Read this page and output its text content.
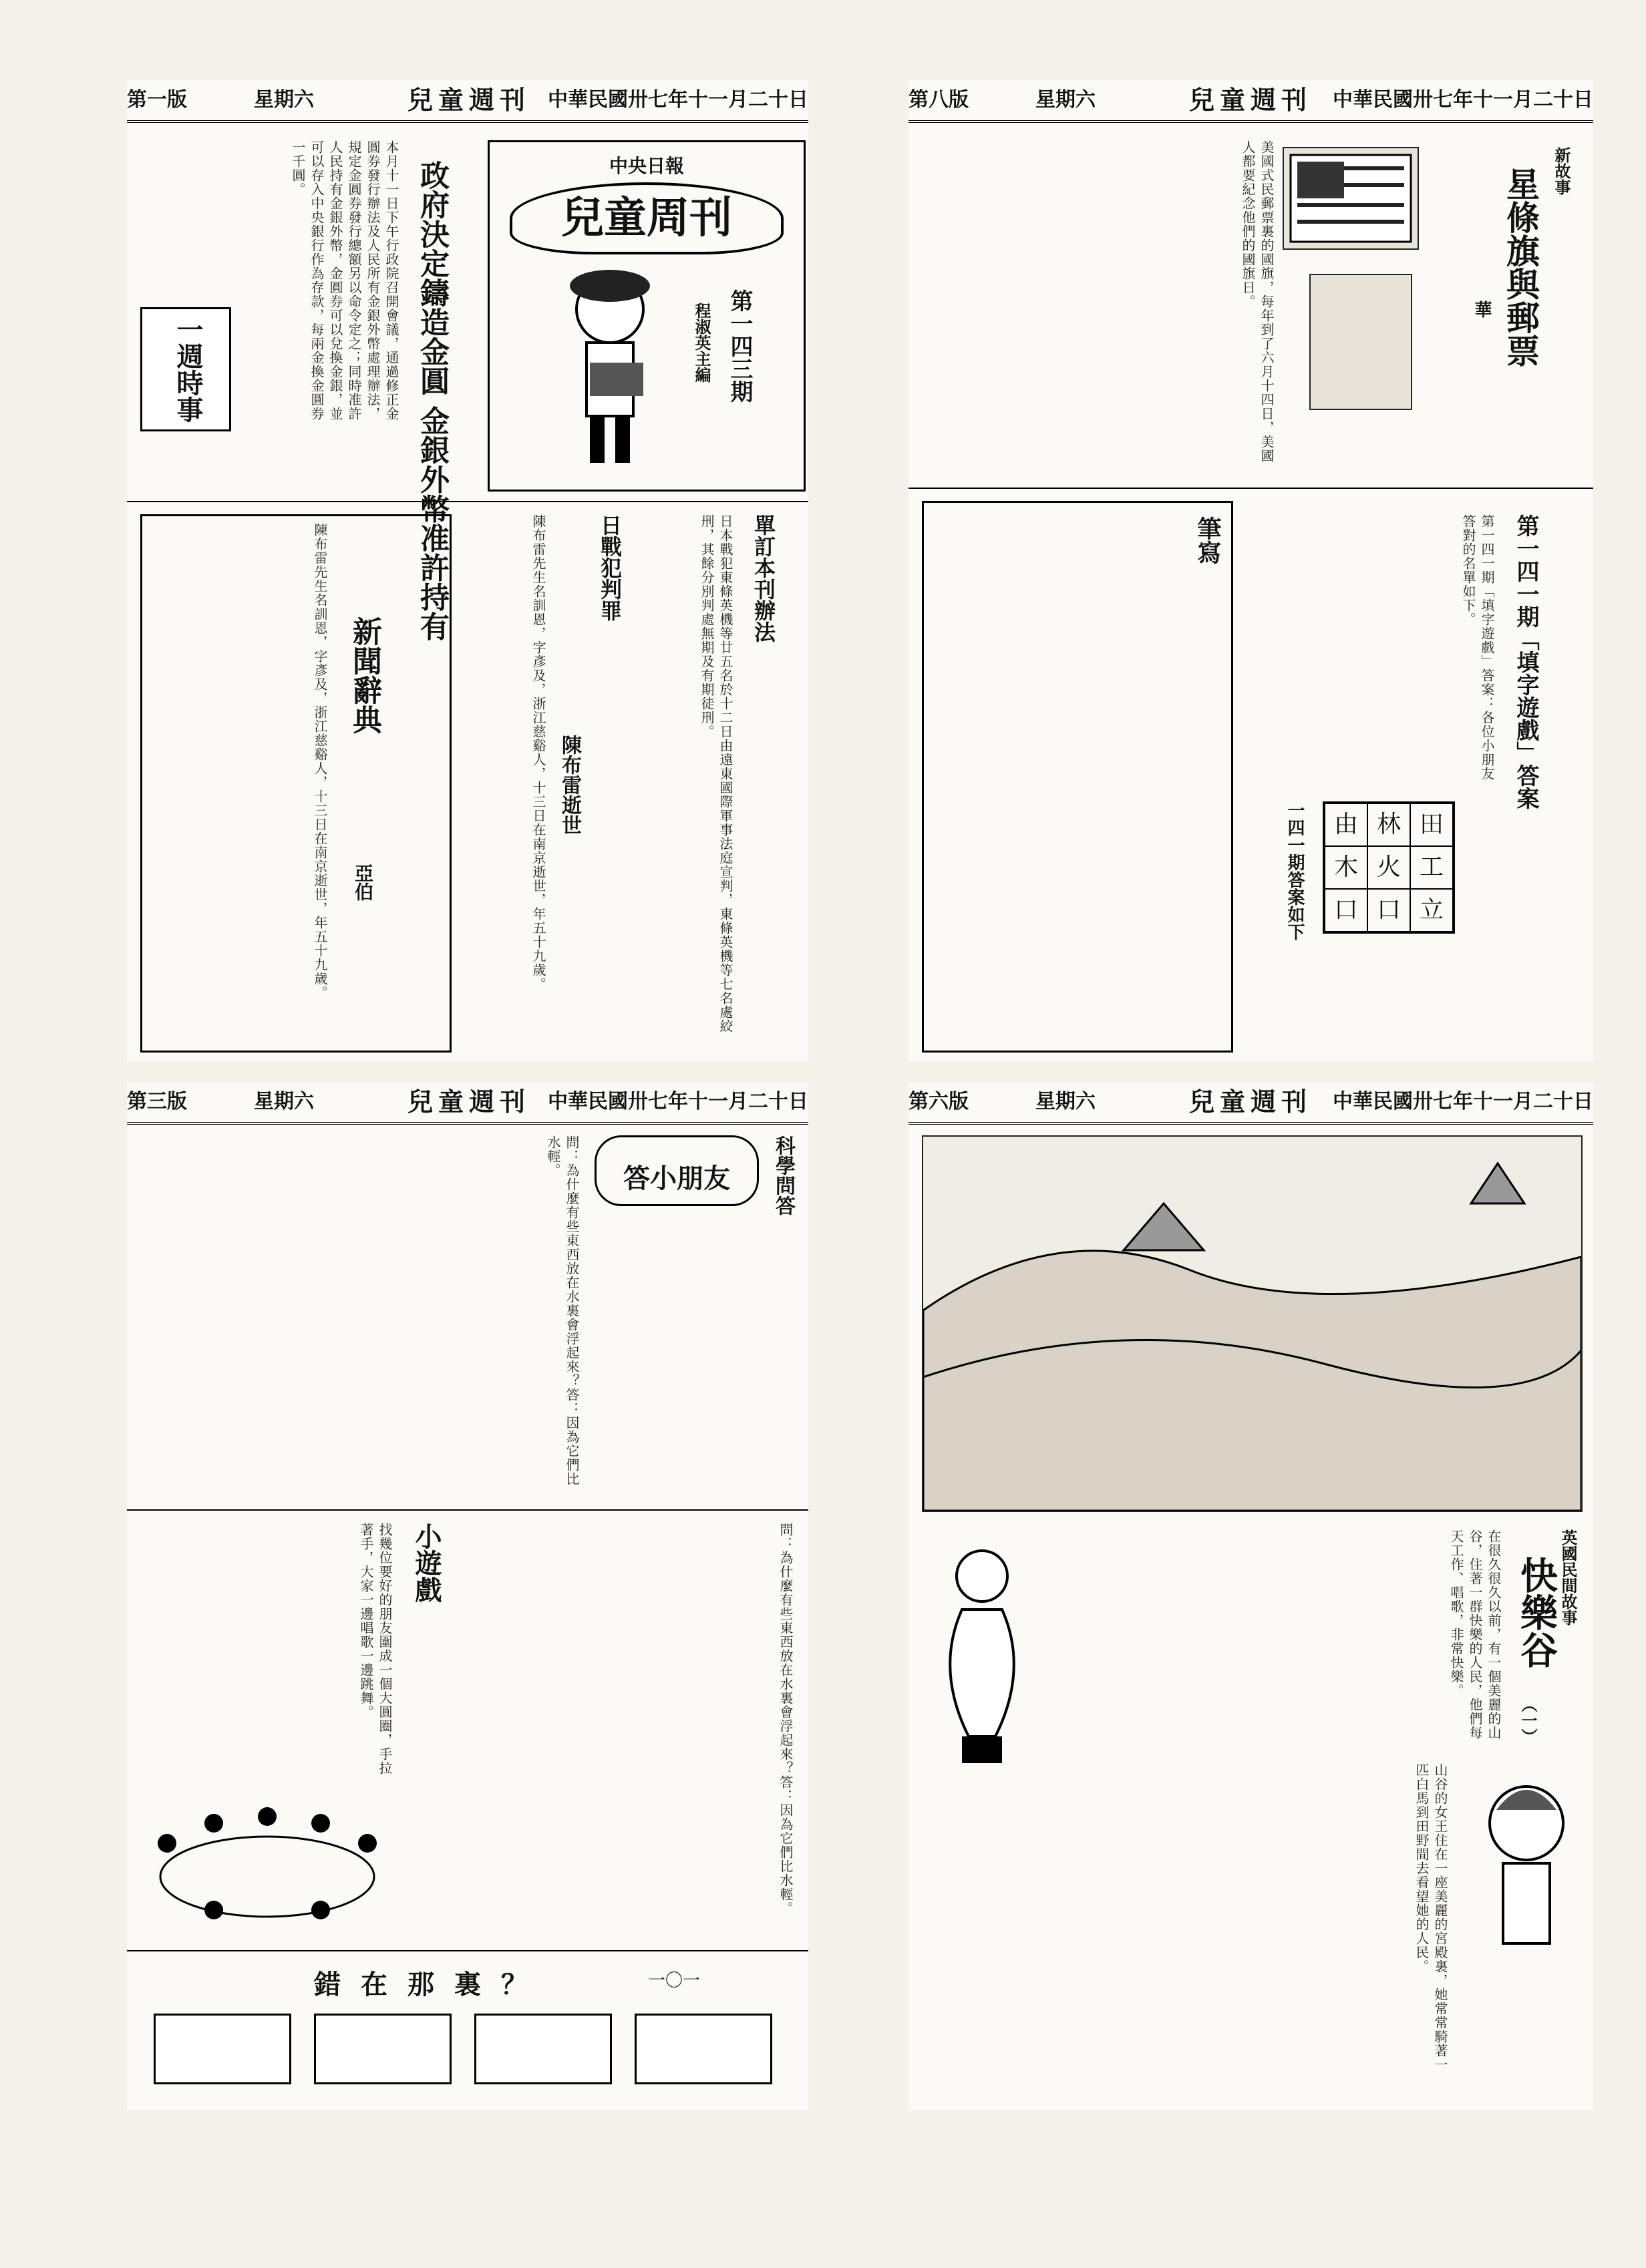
中華民國卅七年十一月二十日
兒童週刊
星期六
第一版
中央日報
兒童周刊
第一四三期
程淑英主編
政府決定鑄造金圓 金銀外幣准許持有
本月十一日下午行政院召開會議，通過修正金圓券發行辦法及人民所有金銀外幣處理辦法，規定金圓券發行總額另以命令定之；同時准許人民持有金銀外幣，金圓券可以兌換金銀，並可以存入中央銀行作為存款，每兩金換金圓券一千圓。
一週時事
單訂本刊辦法
日本戰犯東條英機等廿五名於十二日由遠東國際軍事法庭宣判，東條英機等七名處絞刑，其餘分別判處無期及有期徒刑。
日戰犯判罪
陳布雷逝世
陳布雷先生名訓恩，字彥及，浙江慈谿人，十三日在南京逝世，年五十九歲。
新聞辭典
亞伯
陳布雷先生名訓恩，字彥及，浙江慈谿人，十三日在南京逝世，年五十九歲。
中華民國卅七年十一月二十日
兒童週刊
星期六
第八版
新故事
星條旗與郵票
華
美國式民郵票裏的國旗，每年到了六月十四日，美國人都要紀念他們的國旗日。
筆寫	第一四一期「填字遊戲」答案
由 林 田
木 火 工
口 口 立
一四一期答案如下
第一四一期「填字遊戲」答案：各位小朋友答對的名單如下。
中華民國卅七年十一月二十日
兒童週刊
星期六
第三版
科學問答
答小朋友
問：為什麼有些東西放在水裏會浮起來？答：因為它們比水輕。
小遊戲
找幾位要好的朋友圍成一個大圓圈，手拉著手，大家一邊唱歌一邊跳舞。	問：為什麼有些東西放在水裏會浮起來？答：因為它們比水輕。
錯在那裏？	一〇一
中華民國卅七年十一月二十日
兒童週刊
星期六
第六版
英國民間故事
快樂谷
（一）
在很久很久以前，有一個美麗的山谷，住著一群快樂的人民，他們每天工作、唱歌，非常快樂。
山谷的女王住在一座美麗的宮殿裏，她常常騎著一匹白馬到田野間去看望她的人民。
